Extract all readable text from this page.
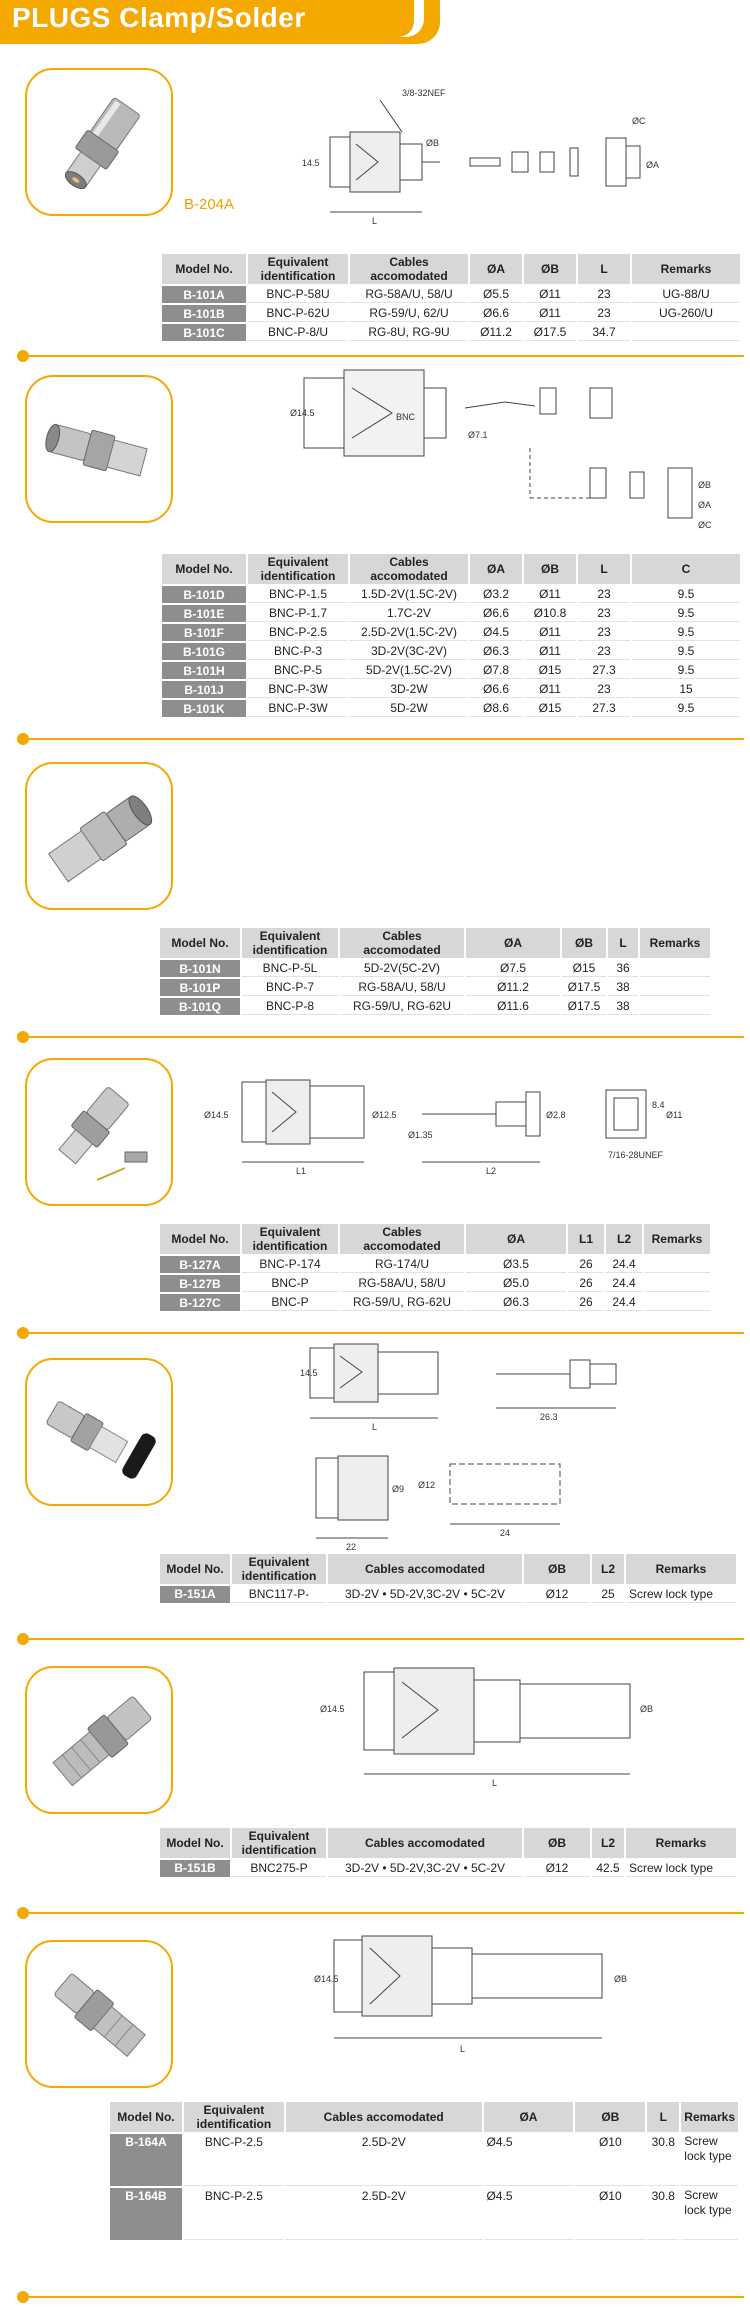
PLUGS Clamp/Solder
B-204A
3/8-32NEF
14.5
L
ØB
ØC
ØA
Model No.	Equivalent identification	Cables accomodated	ØA	ØB	L	Remarks
B-101A	BNC-P-58U	RG-58A/U, 58/U	Ø5.5	Ø11	23	UG-88/U
B-101B	BNC-P-62U	RG-59/U, 62/U	Ø6.6	Ø11	23	UG-260/U
B-101C	BNC-P-8/U	RG-8U, RG-9U	Ø11.2	Ø17.5	34.7	
BNC
Ø14.5
ØB
ØA
ØC
Ø7.1
Model No.	Equivalent identification	Cables accomodated	ØA	ØB	L	C
B-101D	BNC-P-1.5	1.5D-2V(1.5C-2V)	Ø3.2	Ø11	23	9.5
B-101E	BNC-P-1.7	1.7C-2V	Ø6.6	Ø10.8	23	9.5
B-101F	BNC-P-2.5	2.5D-2V(1.5C-2V)	Ø4.5	Ø11	23	9.5
B-101G	BNC-P-3	3D-2V(3C-2V)	Ø6.3	Ø11	23	9.5
B-101H	BNC-P-5	5D-2V(1.5C-2V)	Ø7.8	Ø15	27.3	9.5
B-101J	BNC-P-3W	3D-2W	Ø6.6	Ø11	23	15
B-101K	BNC-P-3W	5D-2W	Ø8.6	Ø15	27.3	9.5
Model No.	Equivalent identification	Cables accomodated	ØA	ØB	L	Remarks
B-101N	BNC-P-5L	5D-2V(5C-2V)	Ø7.5	Ø15	36	
B-101P	BNC-P-7	RG-58A/U, 58/U	Ø11.2	Ø17.5	38	
B-101Q	BNC-P-8	RG-59/U, RG-62U	Ø11.6	Ø17.5	38	
Ø14.5	Ø12.5
L1
Ø1.35
L2
Ø2.8	Ø11
8.4
7/16-28UNEF
Model No.	Equivalent identification	Cables accomodated	ØA	L1	L2	Remarks
B-127A	BNC-P-174	RG-174/U	Ø3.5	26	24.4	
B-127B	BNC-P	RG-58A/U, 58/U	Ø5.0	26	24.4	
B-127C	BNC-P	RG-59/U, RG-62U	Ø6.3	26	24.4	
14.5
L
26.3
22
Ø9
24
Ø12
Model No.	Equivalent identification	Cables accomodated	ØB	L2	Remarks
B-151A	BNC117-P-	3D-2V • 5D-2V,3C-2V • 5C-2V	Ø12	25	Screw lock type
Ø14.5	ØB
L
Model No.	Equivalent identification	Cables accomodated	ØB	L2	Remarks
B-151B	BNC275-P	3D-2V • 5D-2V,3C-2V • 5C-2V	Ø12	42.5	Screw lock type
Ø14.5	ØB
L
Model No.	Equivalent identification	Cables accomodated	ØA	ØB	L	Remarks
B-164A	BNC-P-2.5	2.5D-2V	Ø4.5	Ø10	30.8	Screw lock type
B-164B	BNC-P-2.5	2.5D-2V	Ø4.5	Ø10	30.8	Screw lock type
